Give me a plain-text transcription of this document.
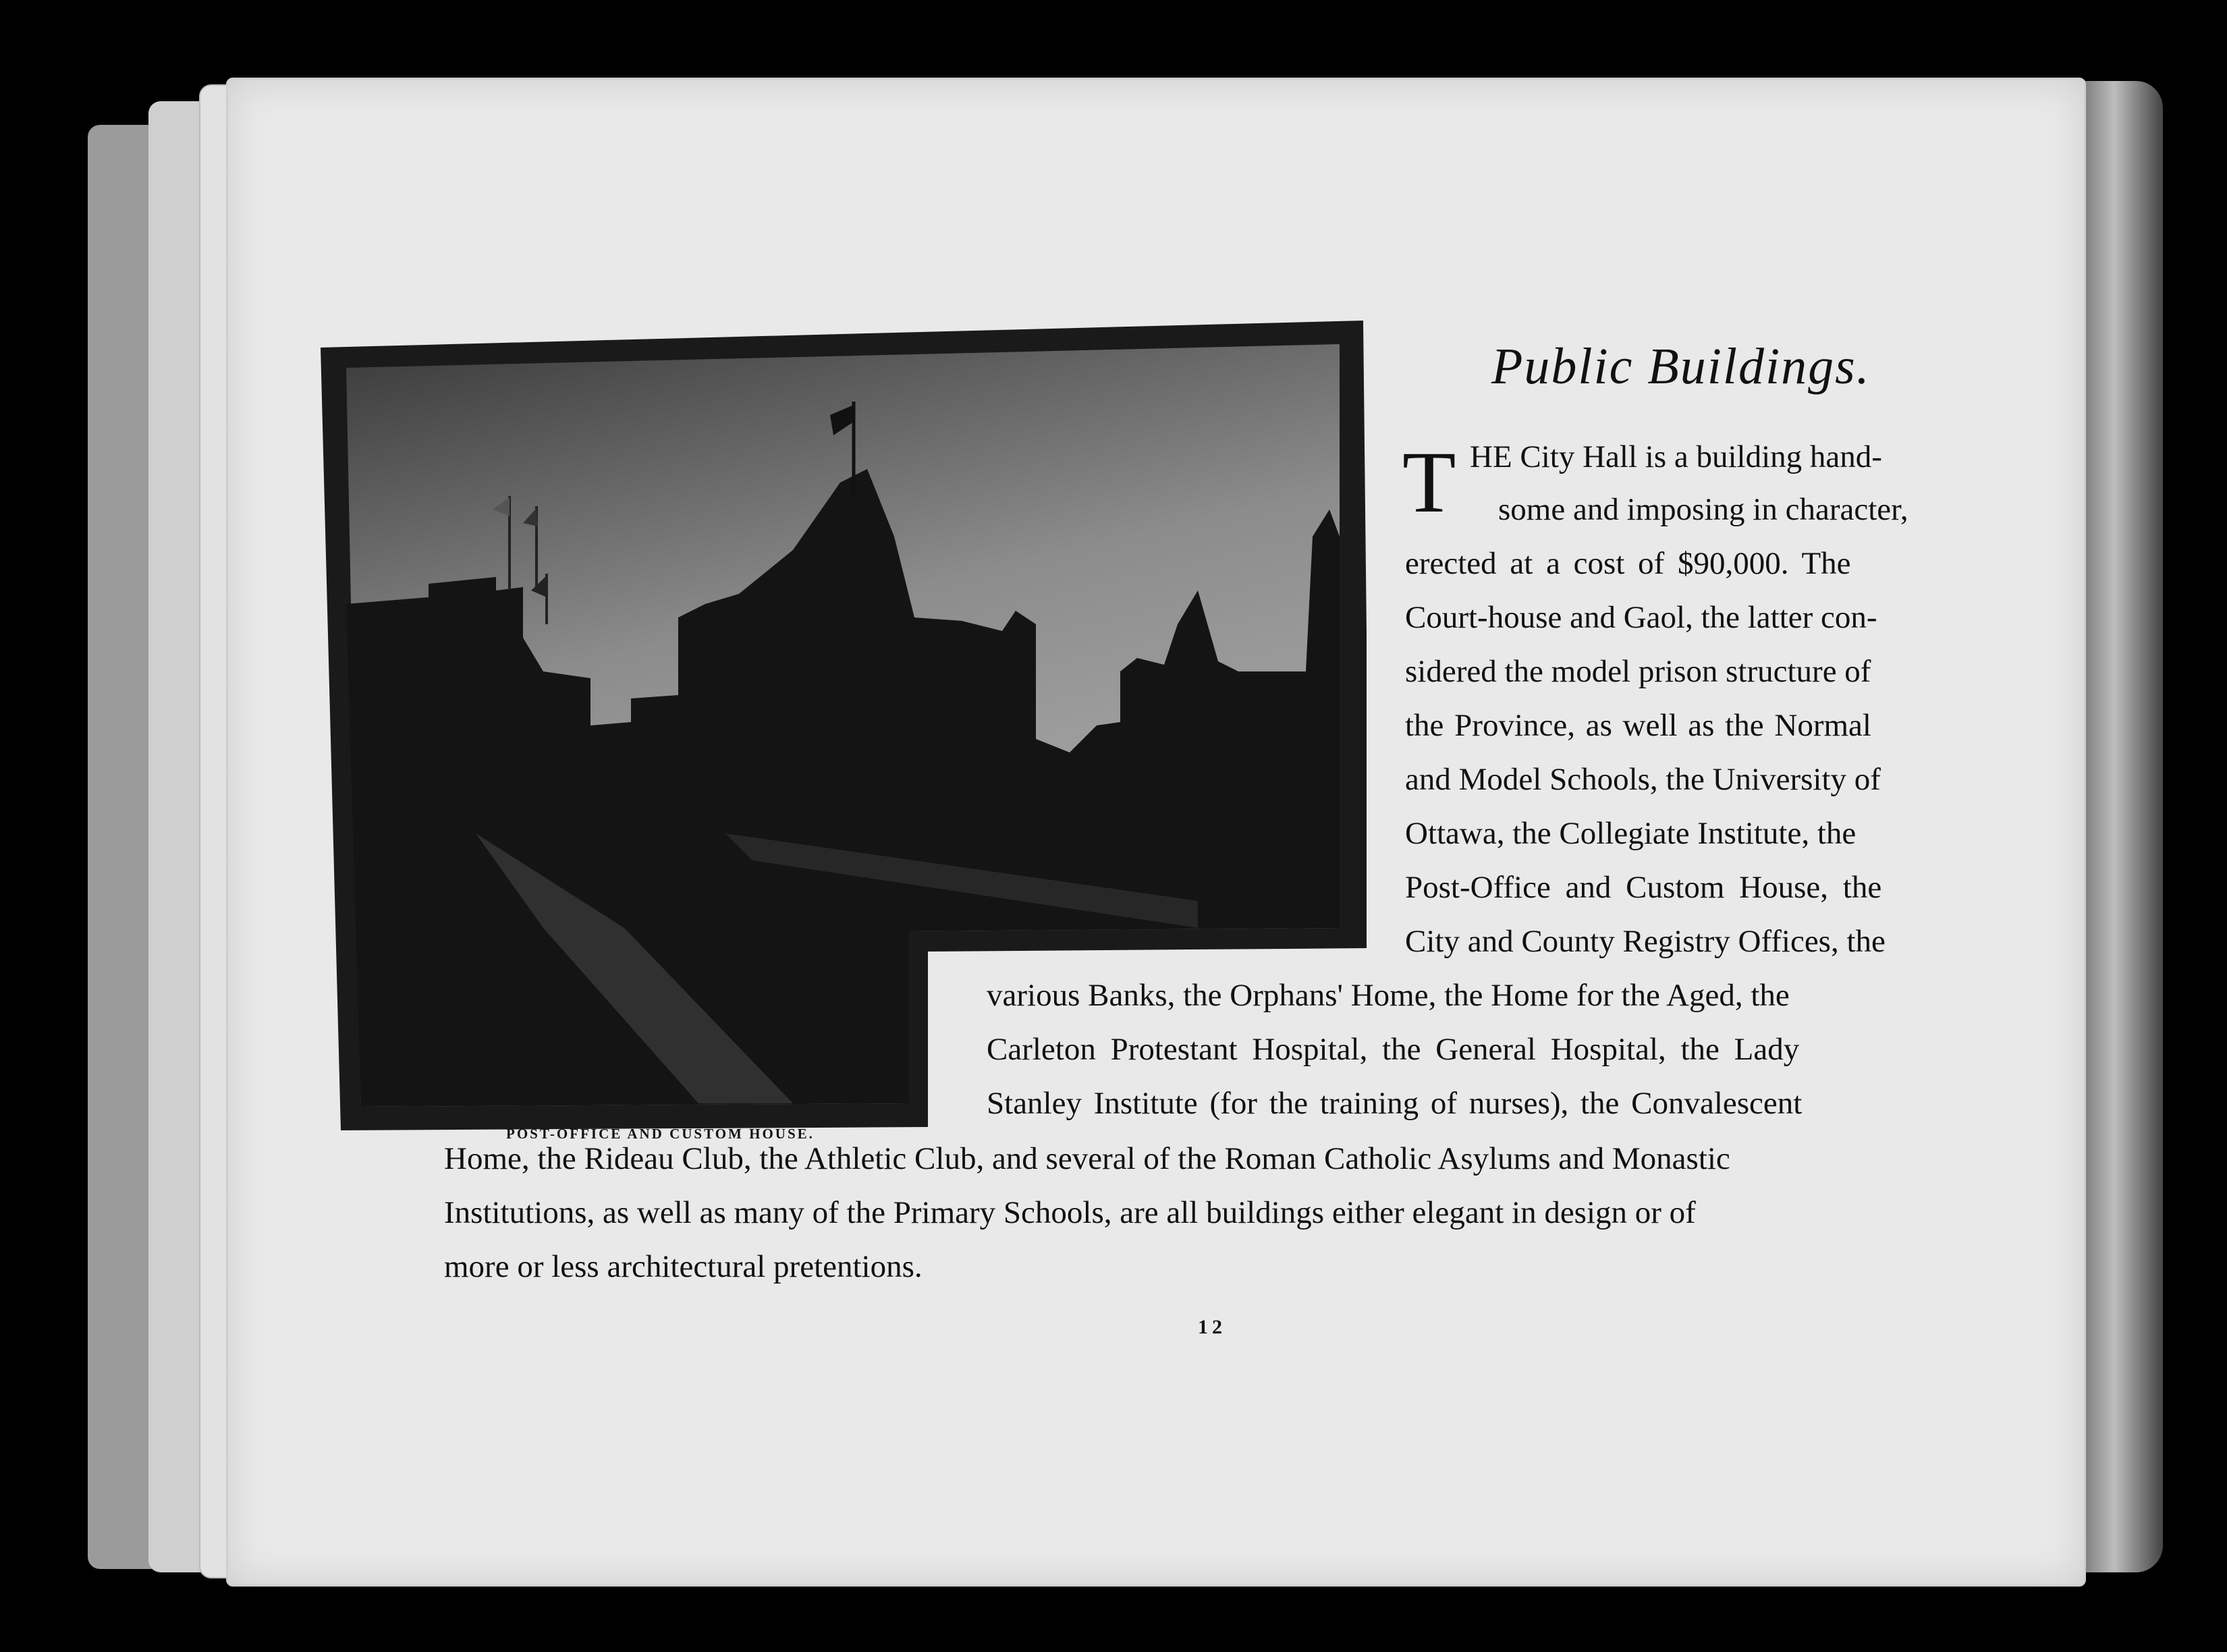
POST-OFFICE AND CUSTOM HOUSE.
Public Buildings.
T HE City Hall is a building hand-
some and imposing in character,
erected at a cost of $90,000. The
Court-house and Gaol, the latter con-
sidered the model prison structure of
the Province, as well as the Normal
and Model Schools, the University of
Ottawa, the Collegiate Institute, the
Post-Office and Custom House, the
City and County Registry Offices, the
various Banks, the Orphans' Home, the Home for the Aged, the
Carleton Protestant Hospital, the General Hospital, the Lady
Stanley Institute (for the training of nurses), the Convalescent
Home, the Rideau Club, the Athletic Club, and several of the Roman Catholic Asylums and Monastic
Institutions, as well as many of the Primary Schools, are all buildings either elegant in design or of
more or less architectural pretentions.
12
